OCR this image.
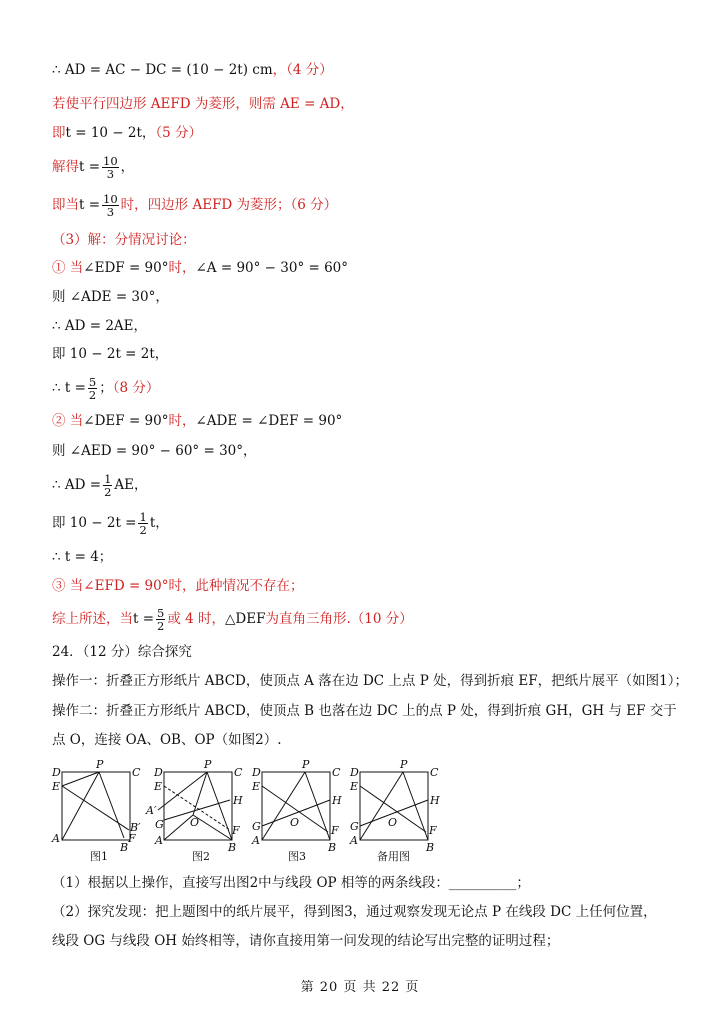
∴ AD = AC − DC = (10 − 2t) cm，（4 分）
若使平行四边形 AEFD 为菱形，则需 AE = AD，
即t = 10 − 2t，（5 分）
解得$t = \frac{10}{3}$ ，
即当$t = \frac{10}{3}$ 时，四边形 AEFD 为菱形；（6 分）
（3）解：分情况讨论：
① 当∠EDF = 90°时，∠A = 90° − 30° = 60°
则 ∠ADE = 30°，
∴ AD = 2AE，
即 10 − 2t = 2t，
∴ $t = \frac{5}{2}$ ；（8 分）
② 当∠DEF = 90°时，∠ADE = ∠DEF = 90°
则 ∠AED = 90° − 60° = 30°，
∴ AD = $\frac{1}{2}$ AE，
即 $10 - 2t = \frac{1}{2}$ t，
∴ t = 4；
③ 当∠EFD = 90°时，此种情况不存在；
综上所述，当$t = \frac{5}{2}$ 或 4 时，△DEF为直角三角形.（10 分）
24．（12 分）综合探究
操作一：折叠正方形纸片 ABCD，使顶点 A 落在边 DC 上点 P 处，得到折痕 EF，把纸片展平（如图1）；
操作二：折叠正方形纸片 ABCD，使顶点 B 也落在边 DC 上的点 P 处，得到折痕 GH，GH 与 EF 交于
点 O，连接 OA、OB、OP（如图2）.
D
P
C
E
A
B′
F
B
图1
D
P
C
E
A′
H
G O
A
F
B
图2
D
P
C
E
H
G	O
A
F
B
图3
D
P
C
E
H
G	O
A
F
B
备用图
（1）根据以上操作，直接写出图2中与线段 OP 相等的两条线段：__________；
（2）探究发现：把上题图中的纸片展平，得到图3，通过观察发现无论点 P 在线段 DC 上任何位置，
线段 OG 与线段 OH 始终相等，请你直接用第一问发现的结论写出完整的证明过程；
第 20 页 共 22 页
